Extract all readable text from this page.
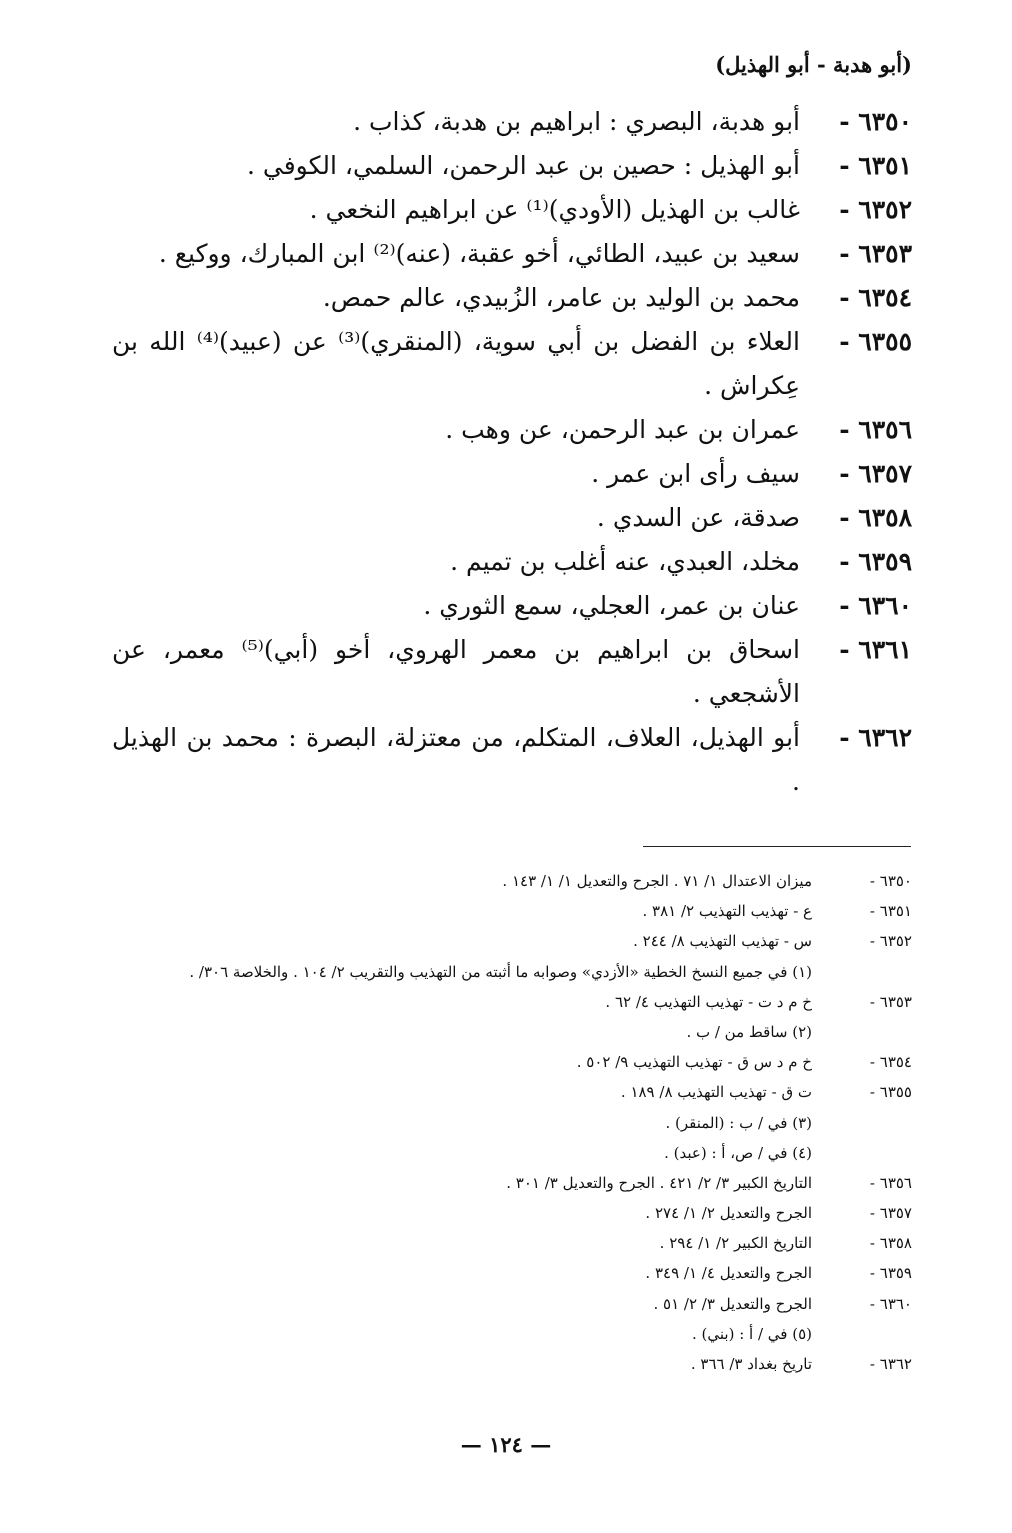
(أبو هدبة - أبو الهذيل)
٦٣٥٠ -
أبو هدبة، البصري : ابراهيم بن هدبة، كذاب .
٦٣٥١ -
أبو الهذيل : حصين بن عبد الرحمن، السلمي، الكوفي .
٦٣٥٢ -
غالب بن الهذيل (الأودي)⁽¹⁾ عن ابراهيم النخعي .
٦٣٥٣ -
سعيد بن عبيد، الطائي، أخو عقبة، (عنه)⁽²⁾ ابن المبارك، ووكيع .
٦٣٥٤ -
محمد بن الوليد بن عامر، الزُبيدي، عالم حمص.
٦٣٥٥ -
العلاء بن الفضل بن أبي سوية، (المنقري)⁽³⁾ عن (عبيد)⁽⁴⁾ الله بن عِكراش .
٦٣٥٦ -
عمران بن عبد الرحمن، عن وهب .
٦٣٥٧ -
سيف رأى ابن عمر .
٦٣٥٨ -
صدقة، عن السدي .
٦٣٥٩ -
مخلد، العبدي، عنه أغلب بن تميم .
٦٣٦٠ -
عنان بن عمر، العجلي، سمع الثوري .
٦٣٦١ -
اسحاق بن ابراهيم بن معمر الهروي، أخو (أبي)⁽⁵⁾ معمر، عن الأشجعي .
٦٣٦٢ -
أبو الهذيل، العلاف، المتكلم، من معتزلة، البصرة : محمد بن الهذيل .
٦٣٥٠ -
ميزان الاعتدال ١/ ٧١ . الجرح والتعديل ١/ ١/ ١٤٣ .
٦٣٥١ -
ع - تهذيب التهذيب ٢/ ٣٨١ .
٦٣٥٢ -
س - تهذيب التهذيب ٨/ ٢٤٤ .
(١) في جميع النسخ الخطية «الأزدي» وصوابه ما أثبته من التهذيب والتقريب ٢/ ١٠٤ . والخلاصة ٣٠٦/ .
٦٣٥٣ -
خ م د ت - تهذيب التهذيب ٤/ ٦٢ .
(٢) ساقط من / ب .
٦٣٥٤ -
خ م د س ق - تهذيب التهذيب ٩/ ٥٠٢ .
٦٣٥٥ -
ت ق - تهذيب التهذيب ٨/ ١٨٩ .
(٣) في / ب : (المنقر) .
(٤) في / ص، أ : (عبد) .
٦٣٥٦ -
التاريخ الكبير ٣/ ٢/ ٤٢١ . الجرح والتعديل ٣/ ٣٠١ .
٦٣٥٧ -
الجرح والتعديل ٢/ ١/ ٢٧٤ .
٦٣٥٨ -
التاريخ الكبير ٢/ ١/ ٢٩٤ .
٦٣٥٩ -
الجرح والتعديل ٤/ ١/ ٣٤٩ .
٦٣٦٠ -
الجرح والتعديل ٣/ ٢/ ٥١ .
(٥) في / أ : (بني) .
٦٣٦٢ -
تاريخ بغداد ٣/ ٣٦٦ .
— ١٢٤ —
